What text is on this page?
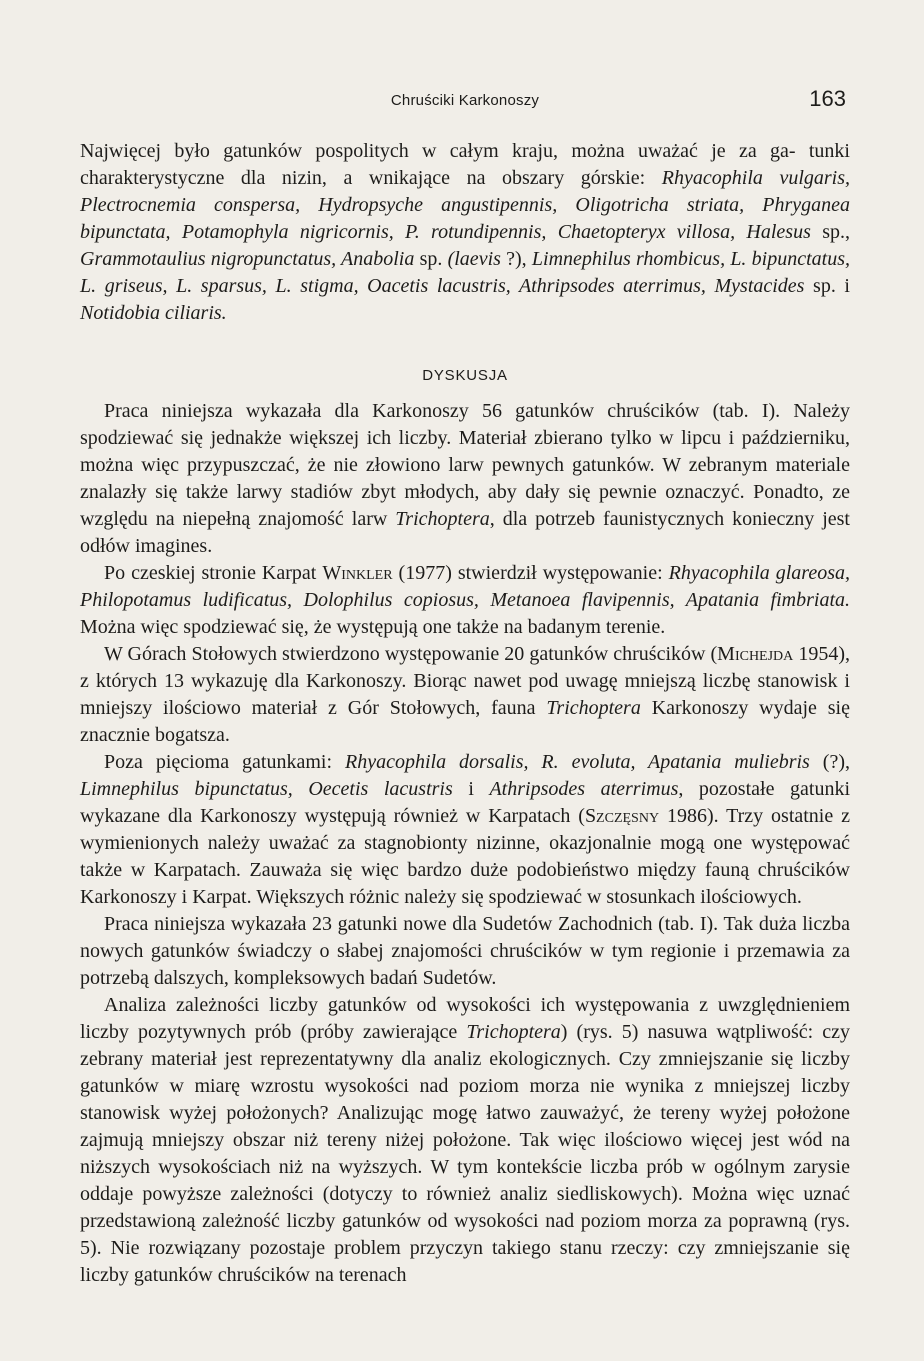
Chruściki Karkonoszy	163

Najwięcej było gatunków pospolitych w całym kraju, można uważać je za ga- tunki charakterystyczne dla nizin, a wnikające na obszary górskie: Rhyacophila vulgaris, Plectrocnemia conspersa, Hydropsyche angustipennis, Oligotricha striata, Phryganea bipunctata, Potamophyla nigricornis, P. rotundipennis, Chaetopteryx villosa, Halesus sp., Grammotaulius nigropunctatus, Anabolia sp. (laevis ?), Limnephilus rhombicus, L. bipunctatus, L. griseus, L. sparsus, L. stigma, Oacetis lacustris, Athripsodes aterrimus, Mystacides sp. i Notidobia ciliaris.

DYSKUSJA

Praca niniejsza wykazała dla Karkonoszy 56 gatunków chruścików (tab. I). Należy spodziewać się jednakże większej ich liczby. Materiał zbierano tylko w lipcu i październiku, można więc przypuszczać, że nie złowiono larw pewnych gatunków. W zebranym materiale znalazły się także larwy stadiów zbyt młodych, aby dały się pewnie oznaczyć. Ponadto, ze względu na niepełną znajomość larw Trichoptera, dla potrzeb faunistycznych konieczny jest odłów imagines.

Po czeskiej stronie Karpat Winkler (1977) stwierdził występowanie: Rhyacophila glareosa, Philopotamus ludificatus, Dolophilus copiosus, Metanoea flavipennis, Apatania fimbriata. Można więc spodziewać się, że występują one także na badanym terenie.

W Górach Stołowych stwierdzono występowanie 20 gatunków chruścików (Michejda 1954), z których 13 wykazuję dla Karkonoszy. Biorąc nawet pod uwagę mniejszą liczbę stanowisk i mniejszy ilościowo materiał z Gór Stołowych, fauna Trichoptera Karkonoszy wydaje się znacznie bogatsza.

Poza pięcioma gatunkami: Rhyacophila dorsalis, R. evoluta, Apatania muliebris (?), Limnephilus bipunctatus, Oecetis lacustris i Athripsodes aterrimus, pozostałe gatunki wykazane dla Karkonoszy występują również w Karpatach (Szczęsny 1986). Trzy ostatnie z wymienionych należy uważać za stagnobionty nizinne, okazjonalnie mogą one występować także w Karpatach. Zauważa się więc bardzo duże podobieństwo między fauną chruścików Karkonoszy i Karpat. Większych różnic należy się spodziewać w stosunkach ilościowych.

Praca niniejsza wykazała 23 gatunki nowe dla Sudetów Zachodnich (tab. I). Tak duża liczba nowych gatunków świadczy o słabej znajomości chruścików w tym regionie i przemawia za potrzebą dalszych, kompleksowych badań Sudetów.

Analiza zależności liczby gatunków od wysokości ich występowania z uwzględnieniem liczby pozytywnych prób (próby zawierające Trichoptera) (rys. 5) nasuwa wątpliwość: czy zebrany materiał jest reprezentatywny dla analiz ekologicznych. Czy zmniejszanie się liczby gatunków w miarę wzrostu wysokości nad poziom morza nie wynika z mniejszej liczby stanowisk wyżej położonych? Analizując mogę łatwo zauważyć, że tereny wyżej położone zajmują mniejszy obszar niż tereny niżej położone. Tak więc ilościowo więcej jest wód na niższych wysokościach niż na wyższych. W tym kontekście liczba prób w ogólnym zarysie oddaje powyższe zależności (dotyczy to również analiz siedliskowych). Można więc uznać przedstawioną zależność liczby gatunków od wysokości nad poziom morza za poprawną (rys. 5). Nie rozwiązany pozostaje problem przyczyn takiego stanu rzeczy: czy zmniejszanie się liczby gatunków chruścików na terenach
